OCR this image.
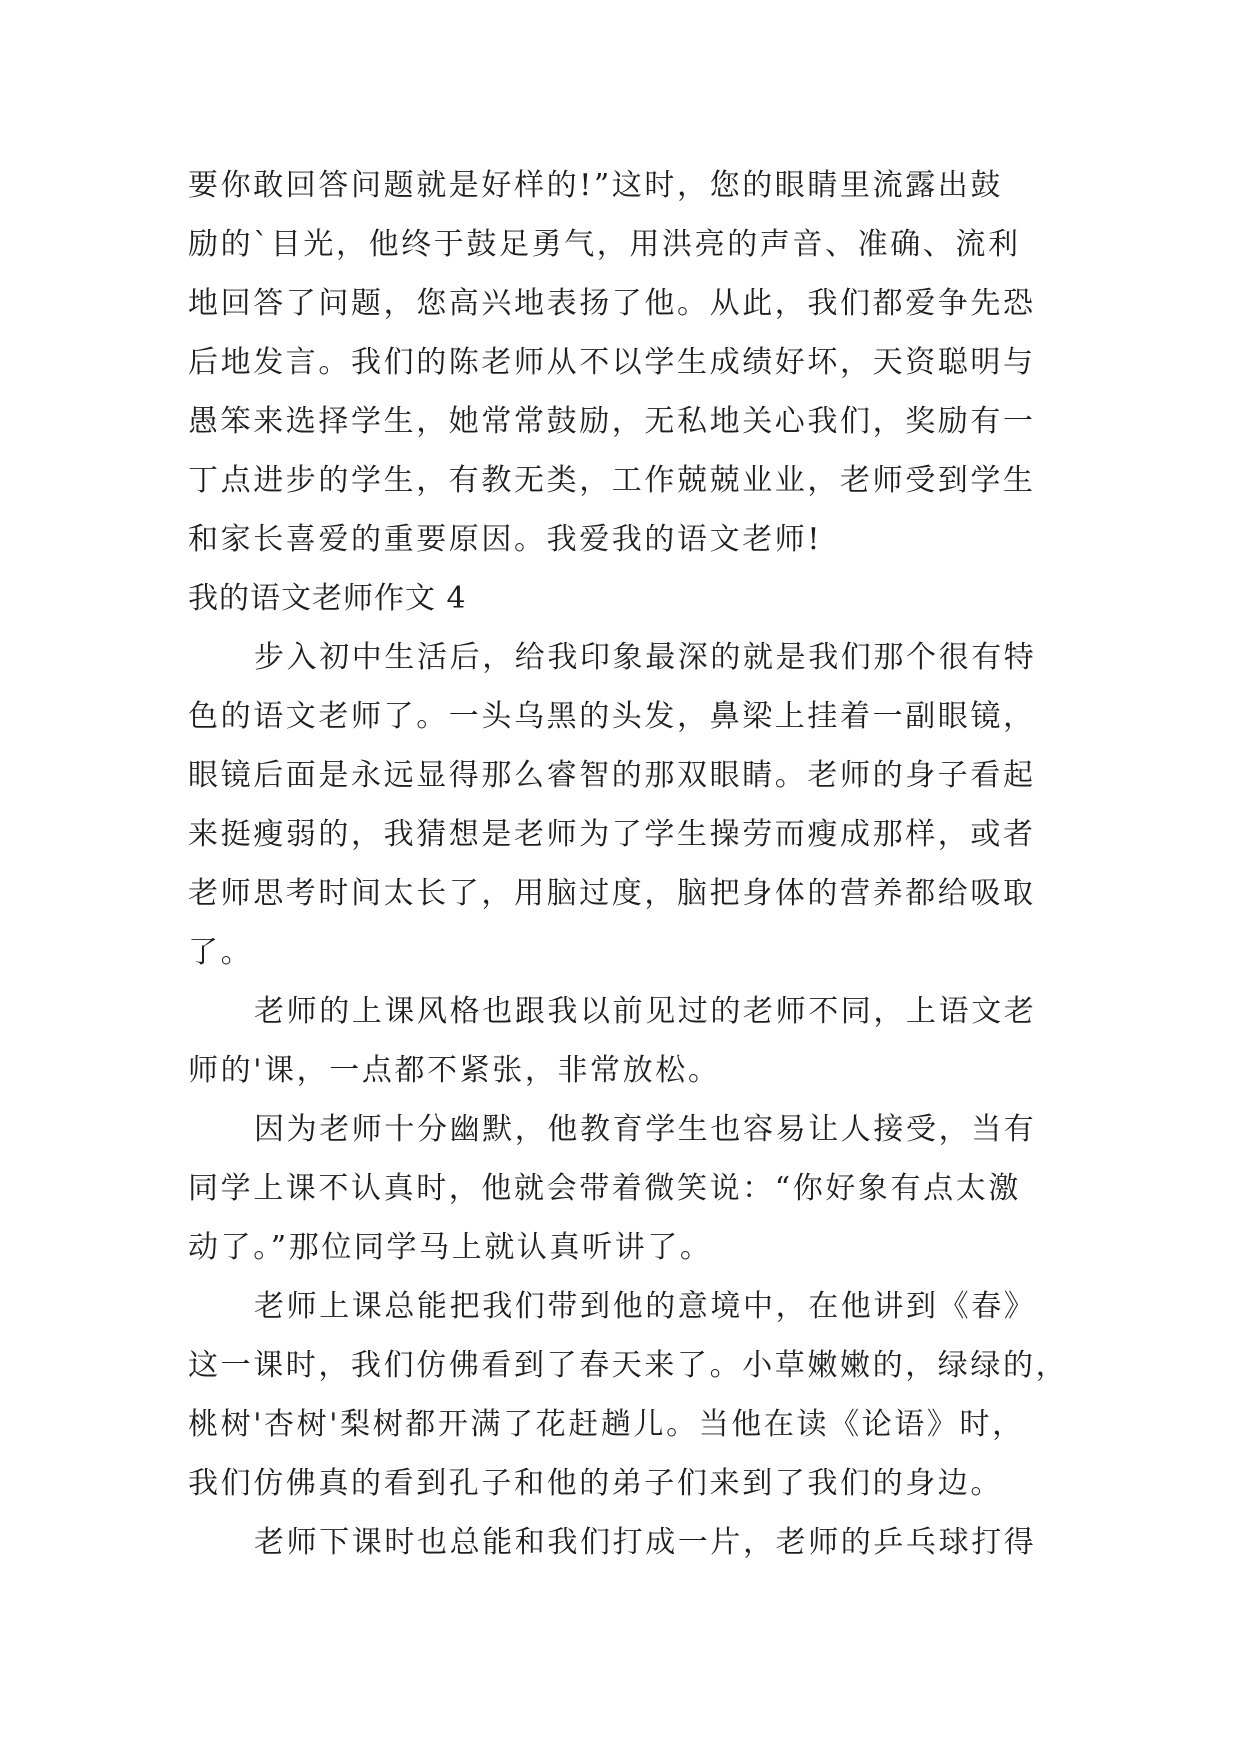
要你敢回答问题就是好样的!”这时，您的眼睛里流露出鼓
励的`目光，他终于鼓足勇气，用洪亮的声音、准确、流利
地回答了问题，您高兴地表扬了他。从此，我们都爱争先恐
后地发言。我们的陈老师从不以学生成绩好坏，天资聪明与
愚笨来选择学生，她常常鼓励，无私地关心我们，奖励有一
丁点进步的学生，有教无类，工作兢兢业业，老师受到学生
和家长喜爱的重要原因。我爱我的语文老师!
我的语文老师作文 4
步入初中生活后，给我印象最深的就是我们那个很有特
色的语文老师了。一头乌黑的头发，鼻梁上挂着一副眼镜，
眼镜后面是永远显得那么睿智的那双眼睛。老师的身子看起
来挺瘦弱的，我猜想是老师为了学生操劳而瘦成那样，或者
老师思考时间太长了，用脑过度，脑把身体的营养都给吸取
了。
老师的上课风格也跟我以前见过的老师不同，上语文老
师的'课，一点都不紧张，非常放松。
因为老师十分幽默，他教育学生也容易让人接受，当有
同学上课不认真时，他就会带着微笑说：“你好象有点太激
动了。”那位同学马上就认真听讲了。
老师上课总能把我们带到他的意境中，在他讲到《春》
这一课时，我们仿佛看到了春天来了。小草嫩嫩的，绿绿的，
桃树'杏树'梨树都开满了花赶趟儿。当他在读《论语》时，
我们仿佛真的看到孔子和他的弟子们来到了我们的身边。
老师下课时也总能和我们打成一片，老师的乒乓球打得
